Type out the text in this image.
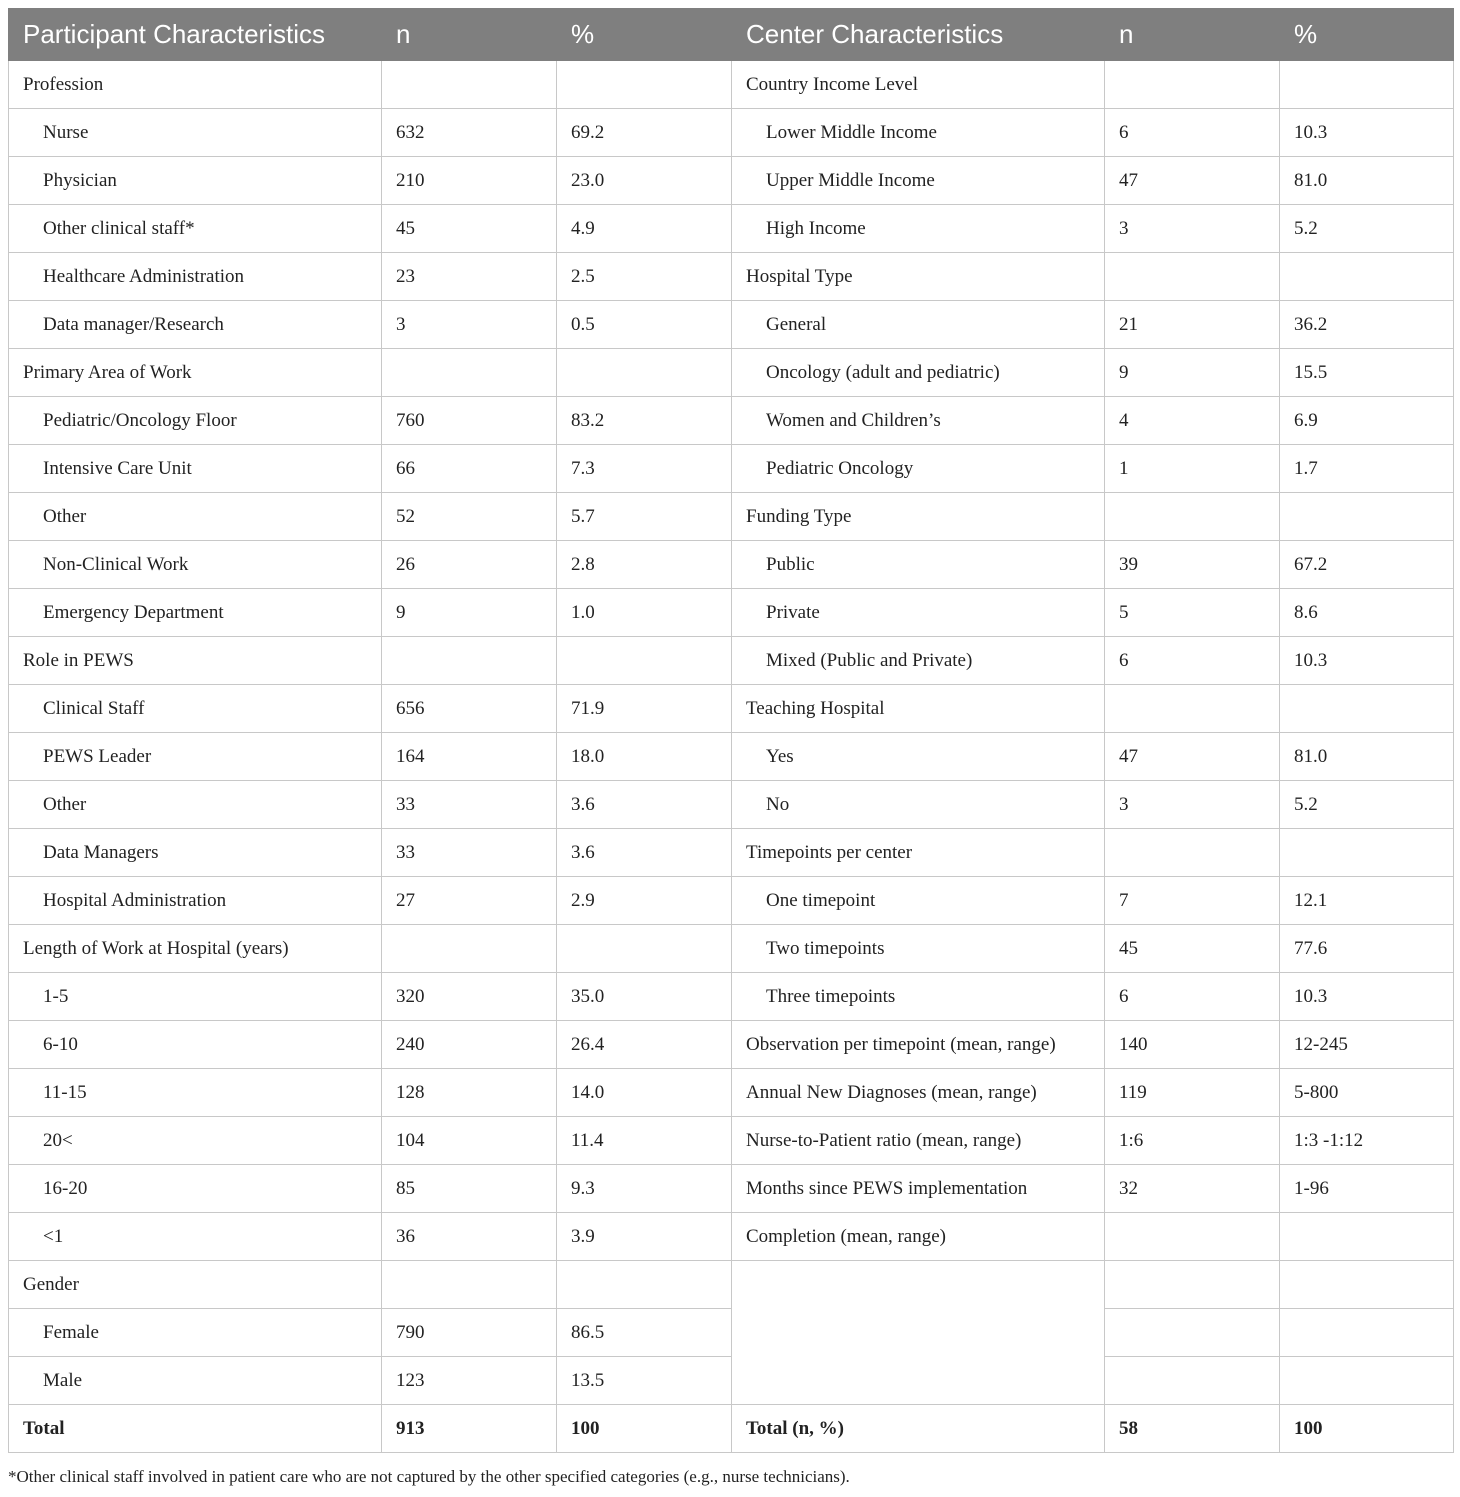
Participant Characteristics	n	%	Center Characteristics	n	%
Profession			Country Income Level		
Nurse	632	69.2	Lower Middle Income	6	10.3
Physician	210	23.0	Upper Middle Income	47	81.0
Other clinical staff*	45	4.9	High Income	3	5.2
Healthcare Administration	23	2.5	Hospital Type		
Data manager/Research	3	0.5	General	21	36.2
Primary Area of Work			Oncology (adult and pediatric)	9	15.5
Pediatric/Oncology Floor	760	83.2	Women and Children’s	4	6.9
Intensive Care Unit	66	7.3	Pediatric Oncology	1	1.7
Other	52	5.7	Funding Type		
Non-Clinical Work	26	2.8	Public	39	67.2
Emergency Department	9	1.0	Private	5	8.6
Role in PEWS			Mixed (Public and Private)	6	10.3
Clinical Staff	656	71.9	Teaching Hospital		
PEWS Leader	164	18.0	Yes	47	81.0
Other	33	3.6	No	3	5.2
Data Managers	33	3.6	Timepoints per center		
Hospital Administration	27	2.9	One timepoint	7	12.1
Length of Work at Hospital (years)			Two timepoints	45	77.6
1-5	320	35.0	Three timepoints	6	10.3
6-10	240	26.4	Observation per timepoint (mean, range)	140	12-245
11-15	128	14.0	Annual New Diagnoses (mean, range)	119	5-800
20<	104	11.4	Nurse-to-Patient ratio (mean, range)	1:6	1:3 -1:12
16-20	85	9.3	Months since PEWS implementation	32	1-96
<1	36	3.9	Completion (mean, range)		
Gender					
Female	790	86.5			
Male	123	13.5			
Total	913	100	Total (n, %)	58	100
*Other clinical staff involved in patient care who are not captured by the other specified categories (e.g., nurse technicians).
